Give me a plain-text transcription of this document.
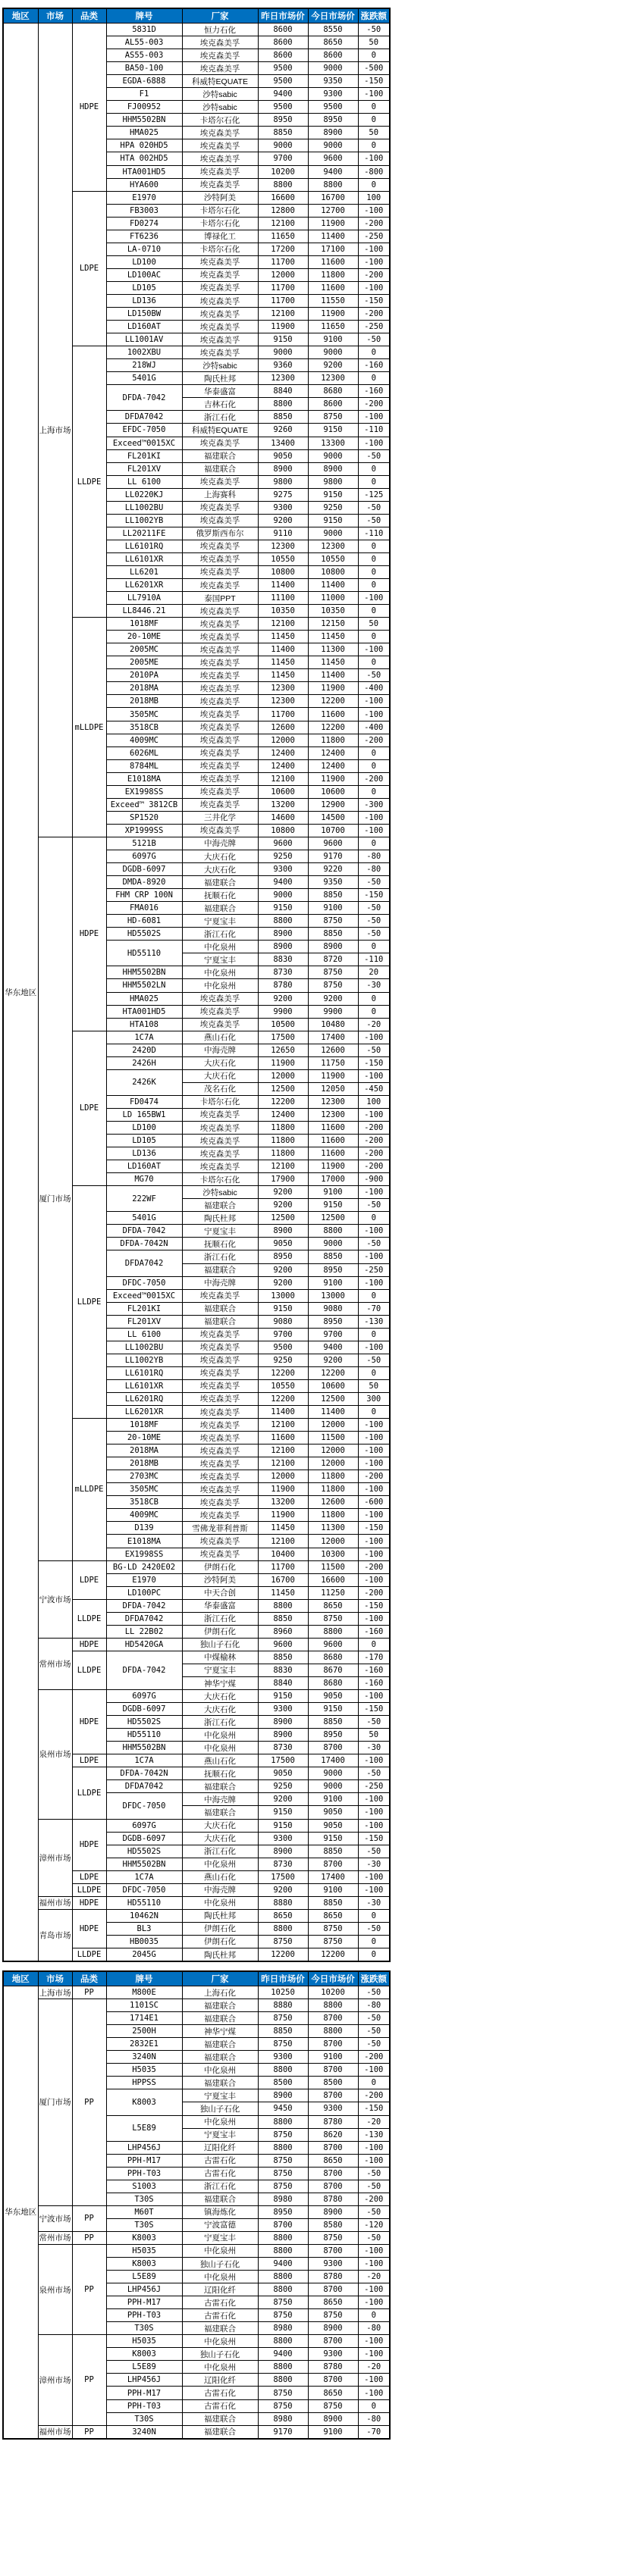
地区	市场	品类	牌号	厂家	昨日市场价	今日市场价	涨跌额
华东地区	上海市场	HDPE	5831D	恒力石化	8600	8550	-50
			AL55-003	埃克森美孚	8600	8650	50
			AS55-003	埃克森美孚	8600	8600	0
			BA50-100	埃克森美孚	9500	9000	-500
			EGDA-6888	科威特EQUATE	9500	9350	-150
			F1	沙特sabic	9400	9300	-100
			FJ00952	沙特sabic	9500	9500	0
			HHM5502BN	卡塔尔石化	8950	8950	0
			HMA025	埃克森美孚	8850	8900	50
			HPA 020HD5	埃克森美孚	9000	9000	0
			HTA 002HD5	埃克森美孚	9700	9600	-100
			HTA001HD5	埃克森美孚	10200	9400	-800
			HYA600	埃克森美孚	8800	8800	0
		LDPE	E1970	沙特阿美	16600	16700	100
			FB3003	卡塔尔石化	12800	12700	-100
			FD0274	卡塔尔石化	12100	11900	-200
			FT6236	博禄化工	11650	11400	-250
			LA-0710	卡塔尔石化	17200	17100	-100
			LD100	埃克森美孚	11700	11600	-100
			LD100AC	埃克森美孚	12000	11800	-200
			LD105	埃克森美孚	11700	11600	-100
			LD136	埃克森美孚	11700	11550	-150
			LD150BW	埃克森美孚	12100	11900	-200
			LD160AT	埃克森美孚	11900	11650	-250
			LL1001AV	埃克森美孚	9150	9100	-50
		LLDPE	1002XBU	埃克森美孚	9000	9000	0
			218WJ	沙特sabic	9360	9200	-160
			5401G	陶氏杜邦	12300	12300	0
			DFDA-7042	华泰盛富	8840	8680	-160
				吉林石化	8800	8600	-200
			DFDA7042	浙江石化	8850	8750	-100
			EFDC-7050	科威特EQUATE	9260	9150	-110
			Exceed™0015XC	埃克森美孚	13400	13300	-100
			FL201KI	福建联合	9050	9000	-50
			FL201XV	福建联合	8900	8900	0
			LL 6100	埃克森美孚	9800	9800	0
			LL0220KJ	上海赛科	9275	9150	-125
			LL1002BU	埃克森美孚	9300	9250	-50
			LL1002YB	埃克森美孚	9200	9150	-50
			LL20211FE	俄罗斯西布尔	9110	9000	-110
			LL6101RQ	埃克森美孚	12300	12300	0
			LL6101XR	埃克森美孚	10550	10550	0
			LL6201	埃克森美孚	10800	10800	0
			LL6201XR	埃克森美孚	11400	11400	0
			LL7910A	泰国PPT	11100	11000	-100
			LL8446.21	埃克森美孚	10350	10350	0
		mLLDPE	1018MF	埃克森美孚	12100	12150	50
			20-10ME	埃克森美孚	11450	11450	0
			2005MC	埃克森美孚	11400	11300	-100
			2005ME	埃克森美孚	11450	11450	0
			2010PA	埃克森美孚	11450	11400	-50
			2018MA	埃克森美孚	12300	11900	-400
			2018MB	埃克森美孚	12300	12200	-100
			3505MC	埃克森美孚	11700	11600	-100
			3518CB	埃克森美孚	12600	12200	-400
			4009MC	埃克森美孚	12000	11800	-200
			6026ML	埃克森美孚	12400	12400	0
			8784ML	埃克森美孚	12400	12400	0
			E1018MA	埃克森美孚	12100	11900	-200
			EX1998SS	埃克森美孚	10600	10600	0
			Exceed™ 3812CB	埃克森美孚	13200	12900	-300
			SP1520	三井化学	14600	14500	-100
			XP1999SS	埃克森美孚	10800	10700	-100
	厦门市场	HDPE	5121B	中海壳牌	9600	9600	0
			6097G	大庆石化	9250	9170	-80
			DGDB-6097	大庆石化	9300	9220	-80
			DMDA-8920	福建联合	9400	9350	-50
			FHM CRP 100N	抚顺石化	9000	8850	-150
			FMA016	福建联合	9150	9100	-50
			HD-6081	宁夏宝丰	8800	8750	-50
			HD5502S	浙江石化	8900	8850	-50
			HD55110	中化泉州	8900	8900	0
				宁夏宝丰	8830	8720	-110
			HHM5502BN	中化泉州	8730	8750	20
			HHM5502LN	中化泉州	8780	8750	-30
			HMA025	埃克森美孚	9200	9200	0
			HTA001HD5	埃克森美孚	9900	9900	0
			HTA108	埃克森美孚	10500	10480	-20
		LDPE	1C7A	燕山石化	17500	17400	-100
			2420D	中海壳牌	12650	12600	-50
			2426H	大庆石化	11900	11750	-150
			2426K	大庆石化	12000	11900	-100
				茂名石化	12500	12050	-450
			FD0474	卡塔尔石化	12200	12300	100
			LD 165BW1	埃克森美孚	12400	12300	-100
			LD100	埃克森美孚	11800	11600	-200
			LD105	埃克森美孚	11800	11600	-200
			LD136	埃克森美孚	11800	11600	-200
			LD160AT	埃克森美孚	12100	11900	-200
			MG70	卡塔尔石化	17900	17000	-900
		LLDPE	222WF	沙特sabic	9200	9100	-100
				福建联合	9200	9150	-50
			5401G	陶氏杜邦	12500	12500	0
			DFDA-7042	宁夏宝丰	8900	8800	-100
			DFDA-7042N	抚顺石化	9050	9000	-50
			DFDA7042	浙江石化	8950	8850	-100
				福建联合	9200	8950	-250
			DFDC-7050	中海壳牌	9200	9100	-100
			Exceed™0015XC	埃克森美孚	13000	13000	0
			FL201KI	福建联合	9150	9080	-70
			FL201XV	福建联合	9080	8950	-130
			LL 6100	埃克森美孚	9700	9700	0
			LL1002BU	埃克森美孚	9500	9400	-100
			LL1002YB	埃克森美孚	9250	9200	-50
			LL6101RQ	埃克森美孚	12200	12200	0
			LL6101XR	埃克森美孚	10550	10600	50
			LL6201RQ	埃克森美孚	12200	12500	300
			LL6201XR	埃克森美孚	11400	11400	0
		mLLDPE	1018MF	埃克森美孚	12100	12000	-100
			20-10ME	埃克森美孚	11600	11500	-100
			2018MA	埃克森美孚	12100	12000	-100
			2018MB	埃克森美孚	12100	12000	-100
			2703MC	埃克森美孚	12000	11800	-200
			3505MC	埃克森美孚	11900	11800	-100
			3518CB	埃克森美孚	13200	12600	-600
			4009MC	埃克森美孚	11900	11800	-100
			D139	雪佛龙菲利普斯	11450	11300	-150
			E1018MA	埃克森美孚	12100	12000	-100
			EX1998SS	埃克森美孚	10400	10300	-100
	宁波市场	LDPE	BG-LD 2420E02	伊朗石化	11700	11500	-200
			E1970	沙特阿美	16700	16600	-100
			LD100PC	中天合创	11450	11250	-200
		LLDPE	DFDA-7042	华泰盛富	8800	8650	-150
			DFDA7042	浙江石化	8850	8750	-100
			LL 22B02	伊朗石化	8960	8800	-160
	常州市场	HDPE	HD5420GA	独山子石化	9600	9600	0
		LLDPE	DFDA-7042	中煤榆林	8850	8680	-170
				宁夏宝丰	8830	8670	-160
				神华宁煤	8840	8680	-160
	泉州市场	HDPE	6097G	大庆石化	9150	9050	-100
			DGDB-6097	大庆石化	9300	9150	-150
			HD5502S	浙江石化	8900	8850	-50
			HD55110	中化泉州	8900	8950	50
			HHM5502BN	中化泉州	8730	8700	-30
		LDPE	1C7A	燕山石化	17500	17400	-100
		LLDPE	DFDA-7042N	抚顺石化	9050	9000	-50
			DFDA7042	福建联合	9250	9000	-250
			DFDC-7050	中海壳牌	9200	9100	-100
				福建联合	9150	9050	-100
	漳州市场	HDPE	6097G	大庆石化	9150	9050	-100
			DGDB-6097	大庆石化	9300	9150	-150
			HD5502S	浙江石化	8900	8850	-50
			HHM5502BN	中化泉州	8730	8700	-30
		LDPE	1C7A	燕山石化	17500	17400	-100
		LLDPE	DFDC-7050	中海壳牌	9200	9100	-100
	福州市场	HDPE	HD55110	中化泉州	8880	8850	-30
	青岛市场	HDPE	10462N	陶氏杜邦	8650	8650	0
			BL3	伊朗石化	8800	8750	-50
			HB0035	伊朗石化	8750	8750	0
		LLDPE	2045G	陶氏杜邦	12200	12200	0
地区	市场	品类	牌号	厂家	昨日市场价	今日市场价	涨跌额
华东地区	上海市场	PP	M800E	上海石化	10250	10200	-50
	厦门市场	PP	1101SC	福建联合	8880	8800	-80
			1714E1	福建联合	8750	8700	-50
			2500H	神华宁煤	8850	8800	-50
			2832E1	福建联合	8750	8700	-50
			3240N	福建联合	9300	9100	-200
			H5035	中化泉州	8800	8700	-100
			HPPSS	福建联合	8500	8500	0
			K8003	宁夏宝丰	8900	8700	-200
				独山子石化	9450	9300	-150
			L5E89	中化泉州	8800	8780	-20
				宁夏宝丰	8750	8620	-130
			LHP456J	辽阳化纤	8800	8700	-100
			PPH-M17	古雷石化	8750	8650	-100
			PPH-T03	古雷石化	8750	8700	-50
			S1003	浙江石化	8750	8700	-50
			T30S	福建联合	8980	8780	-200
	宁波市场	PP	M60T	镇海炼化	8950	8900	-50
			T30S	宁波富德	8700	8580	-120
	常州市场	PP	K8003	宁夏宝丰	8800	8750	-50
	泉州市场	PP	H5035	中化泉州	8800	8700	-100
			K8003	独山子石化	9400	9300	-100
			L5E89	中化泉州	8800	8780	-20
			LHP456J	辽阳化纤	8800	8700	-100
			PPH-M17	古雷石化	8750	8650	-100
			PPH-T03	古雷石化	8750	8750	0
			T30S	福建联合	8980	8900	-80
	漳州市场	PP	H5035	中化泉州	8800	8700	-100
			K8003	独山子石化	9400	9300	-100
			L5E89	中化泉州	8800	8780	-20
			LHP456J	辽阳化纤	8800	8700	-100
			PPH-M17	古雷石化	8750	8650	-100
			PPH-T03	古雷石化	8750	8750	0
			T30S	福建联合	8980	8900	-80
	福州市场	PP	3240N	福建联合	9170	9100	-70
